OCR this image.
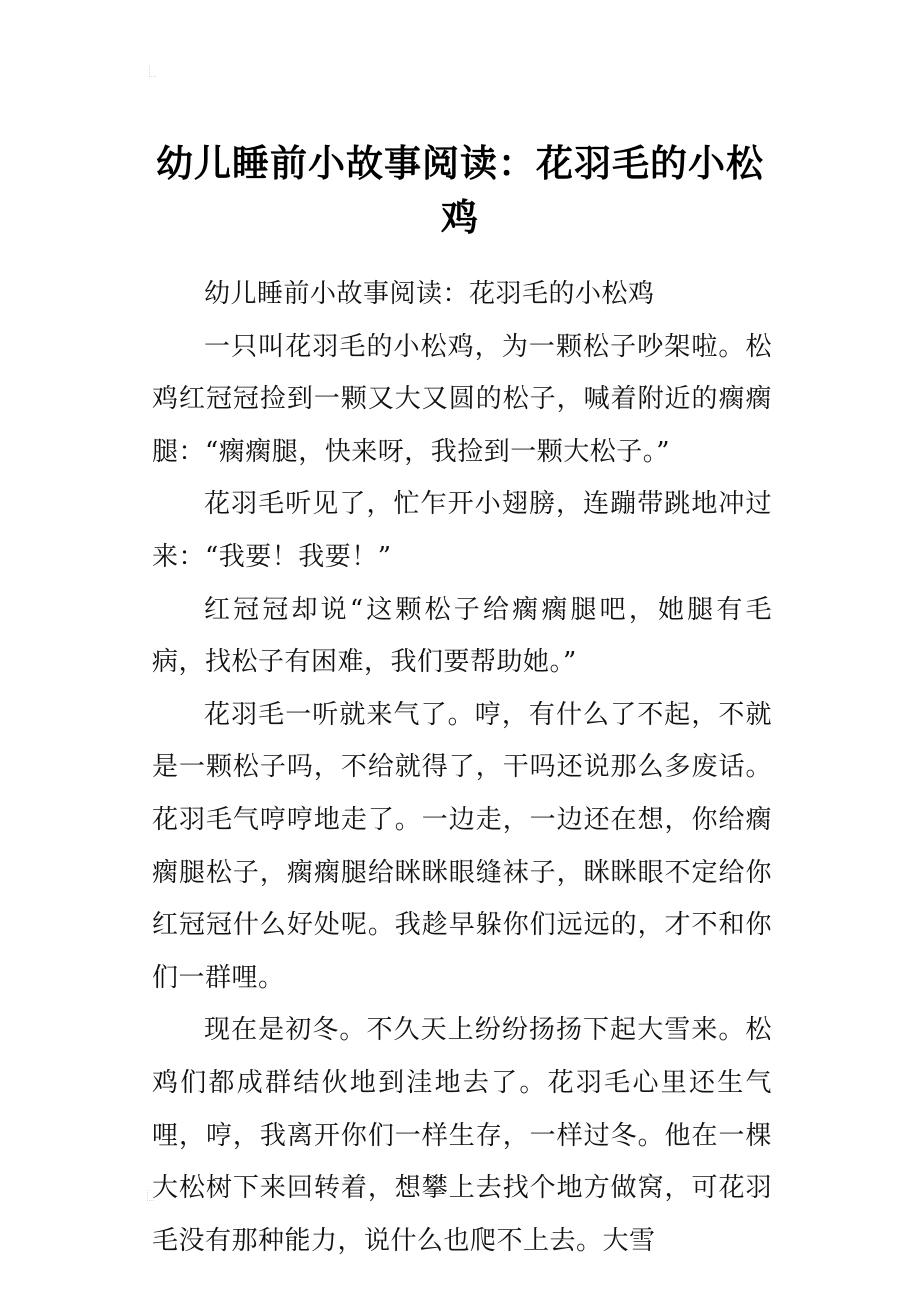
幼儿睡前小故事阅读：花羽毛的小松鸡

幼儿睡前小故事阅读：花羽毛的小松鸡

一只叫花羽毛的小松鸡，为一颗松子吵架啦。松鸡红冠冠捡到一颗又大又圆的松子，喊着附近的瘸瘸腿：“瘸瘸腿，快来呀，我捡到一颗大松子。”

花羽毛听见了，忙乍开小翅膀，连蹦带跳地冲过来：“我要！我要！”

红冠冠却说“这颗松子给瘸瘸腿吧，她腿有毛病，找松子有困难，我们要帮助她。”

花羽毛一听就来气了。哼，有什么了不起，不就是一颗松子吗，不给就得了，干吗还说那么多废话。花羽毛气哼哼地走了。一边走，一边还在想，你给瘸瘸腿松子，瘸瘸腿给眯眯眼缝袜子，眯眯眼不定给你红冠冠什么好处呢。我趁早躲你们远远的，才不和你们一群哩。

现在是初冬。不久天上纷纷扬扬下起大雪来。松鸡们都成群结伙地到洼地去了。花羽毛心里还生气哩，哼，我离开你们一样生存，一样过冬。他在一棵大松树下来回转着，想攀上去找个地方做窝，可花羽毛没有那种能力，说什么也爬不上去。大雪
